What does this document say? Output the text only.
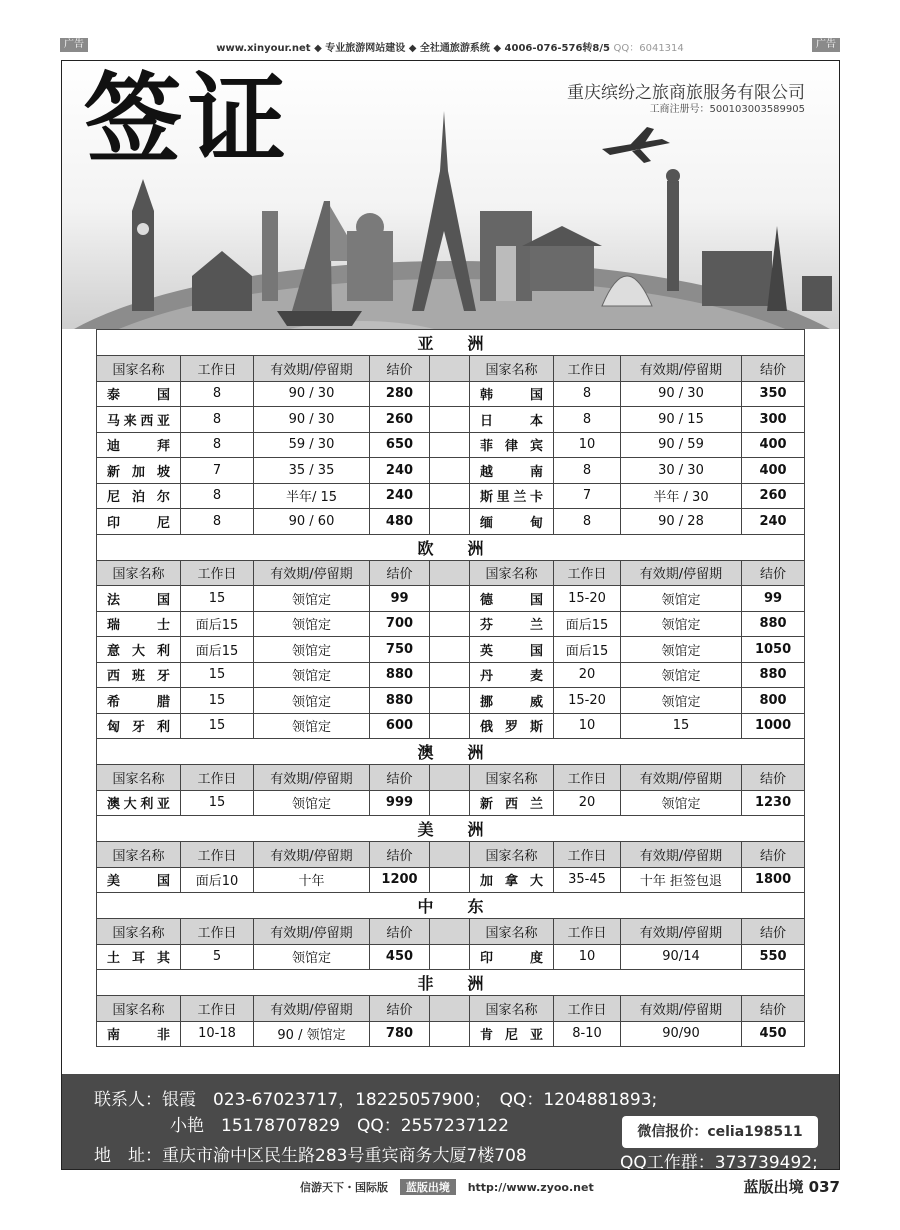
广告	www.xinyour.net ◆ 专业旅游网站建设 ◆ 全社通旅游系统 ◆ 4006-076-576转8/5 QQ：6041314	广告
签证	重庆缤纷之旅商旅服务有限公司
工商注册号：500103003589905
亚 洲								
国家名称	工作日	有效期/停留期	结价		国家名称	工作日	有效期/停留期	结价
泰　国	8	90 / 30	280		韩　国	8	90 / 30	350
马来西亚	8	90 / 30	260		日　本	8	90 / 15	300
迪　拜	8	59 / 30	650		菲律宾	10	90 / 59	400
新加坡	7	35 / 35	240		越　南	8	30 / 30	400
尼泊尔	8	半年/ 15	240		斯里兰卡	7	半年 / 30	260
印　尼	8	90 / 60	480		缅　甸	8	90 / 28	240
欧 洲								
国家名称	工作日	有效期/停留期	结价		国家名称	工作日	有效期/停留期	结价
法　国	15	领馆定	99		德　国	15-20	领馆定	99
瑞　士	面后15	领馆定	700		芬　兰	面后15	领馆定	880
意大利	面后15	领馆定	750		英　国	面后15	领馆定	1050
西班牙	15	领馆定	880		丹　麦	20	领馆定	880
希　腊	15	领馆定	880		挪　威	15-20	领馆定	800
匈牙利	15	领馆定	600		俄罗斯	10	15	1000
澳 洲								
国家名称	工作日	有效期/停留期	结价		国家名称	工作日	有效期/停留期	结价
澳大利亚	15	领馆定	999		新西兰	20	领馆定	1230
美 洲								
国家名称	工作日	有效期/停留期	结价		国家名称	工作日	有效期/停留期	结价
美　国	面后10	十年	1200		加拿大	35-45	十年 拒签包退	1800
中 东								
国家名称	工作日	有效期/停留期	结价		国家名称	工作日	有效期/停留期	结价
土耳其	5	领馆定	450		印　度	10	90/14	550
非 洲								
国家名称	工作日	有效期/停留期	结价		国家名称	工作日	有效期/停留期	结价
南　非	10-18	90 / 领馆定	780		肯尼亚	8-10	90/90	450
联系人：银霞　023-67023717，18225057900；　QQ：1204881893;
小艳　15178707829　QQ：2557237122
地　址：重庆市渝中区民生路283号重宾商务大厦7楼708
微信报价：celia198511
QQ工作群：373739492;
信游天下・国际版 蓝版出境 http://www.zyoo.net	蓝版出境 037
